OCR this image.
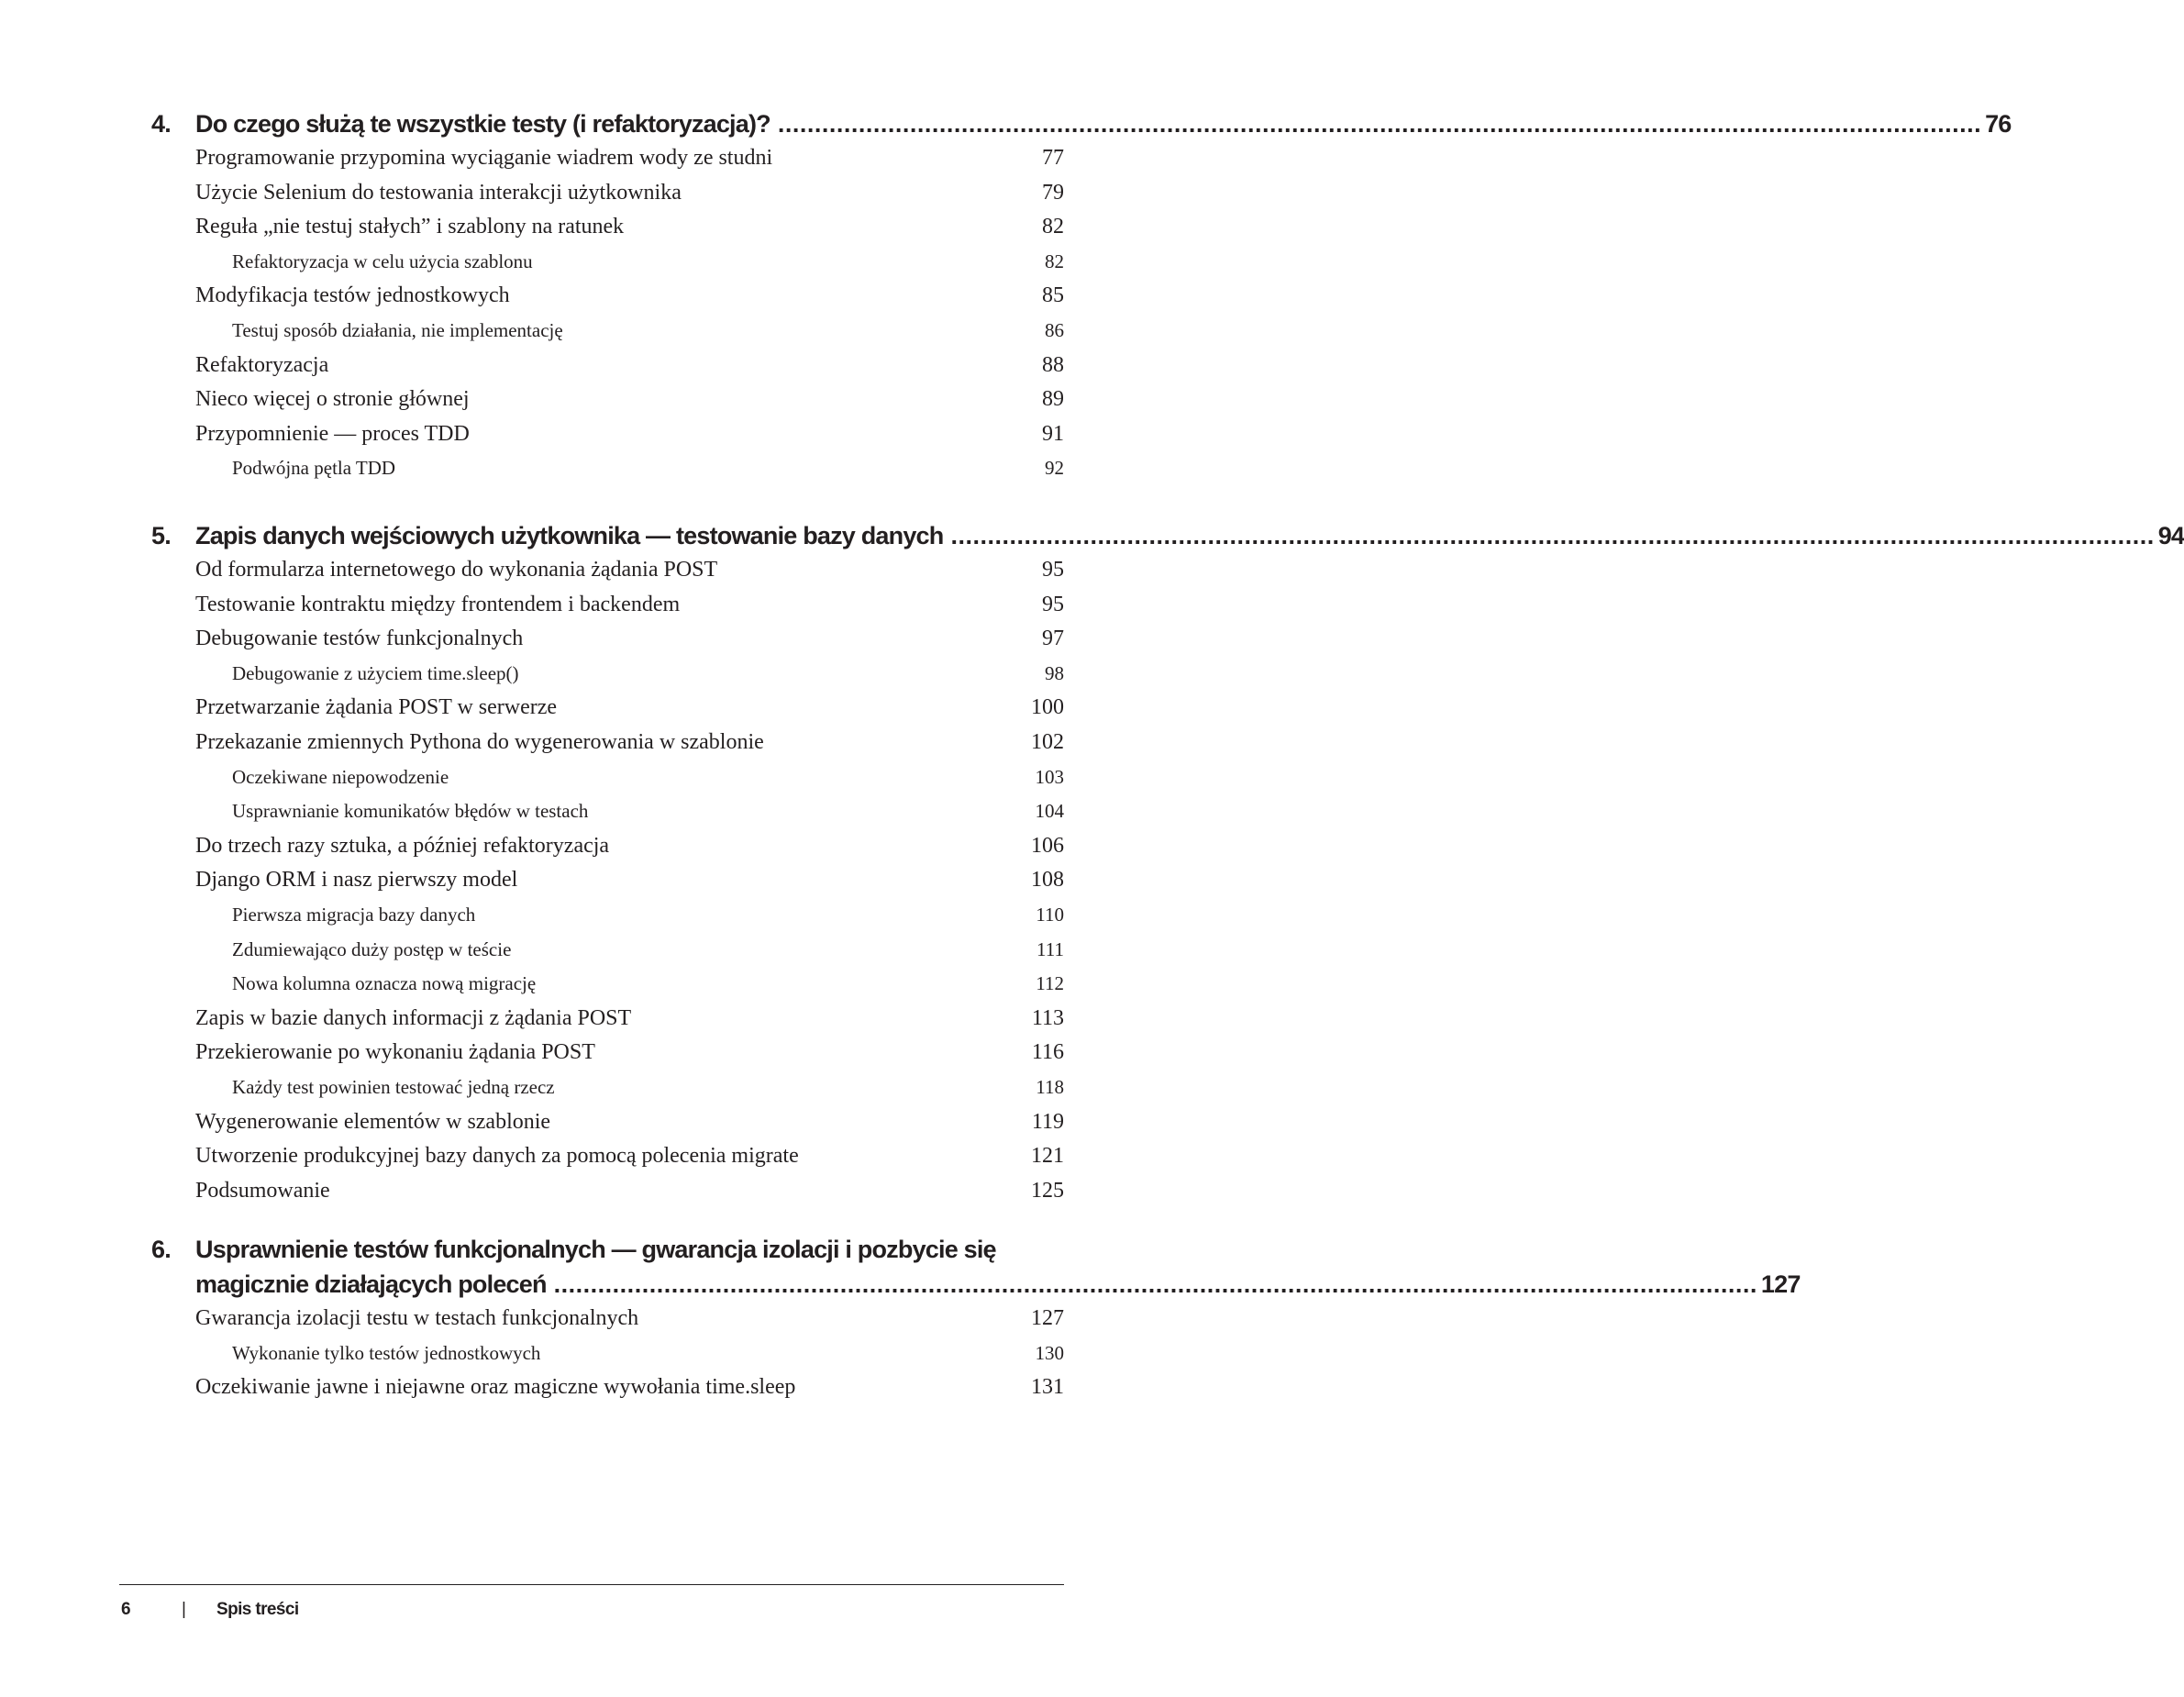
4. Do czego służą te wszystkie testy (i refaktoryzacja)? .................................................................................................................................................................... 76
Programowanie przypomina wyciąganie wiadrem wody ze studni	77
Użycie Selenium do testowania interakcji użytkownika	79
Reguła „nie testuj stałych” i szablony na ratunek	82
Refaktoryzacja w celu użycia szablonu	82
Modyfikacja testów jednostkowych	85
Testuj sposób działania, nie implementację	86
Refaktoryzacja	88
Nieco więcej o stronie głównej	89
Przypomnienie — proces TDD	91
Podwójna pętla TDD	92
5. Zapis danych wejściowych użytkownika — testowanie bazy danych .................................................................................................................................................................... 94
Od formularza internetowego do wykonania żądania POST	95
Testowanie kontraktu między frontendem i backendem	95
Debugowanie testów funkcjonalnych	97
Debugowanie z użyciem time.sleep()	98
Przetwarzanie żądania POST w serwerze	100
Przekazanie zmiennych Pythona do wygenerowania w szablonie	102
Oczekiwane niepowodzenie	103
Usprawnianie komunikatów błędów w testach	104
Do trzech razy sztuka, a później refaktoryzacja	106
Django ORM i nasz pierwszy model	108
Pierwsza migracja bazy danych	110
Zdumiewająco duży postęp w teście	111
Nowa kolumna oznacza nową migrację	112
Zapis w bazie danych informacji z żądania POST	113
Przekierowanie po wykonaniu żądania POST	116
Każdy test powinien testować jedną rzecz	118
Wygenerowanie elementów w szablonie	119
Utworzenie produkcyjnej bazy danych za pomocą polecenia migrate	121
Podsumowanie	125
6. Usprawnienie testów funkcjonalnych — gwarancja izolacji i pozbycie się
magicznie działających poleceń .................................................................................................................................................................... 127
Gwarancja izolacji testu w testach funkcjonalnych	127
Wykonanie tylko testów jednostkowych	130
Oczekiwanie jawne i niejawne oraz magiczne wywołania time.sleep	131
6	| Spis treści
